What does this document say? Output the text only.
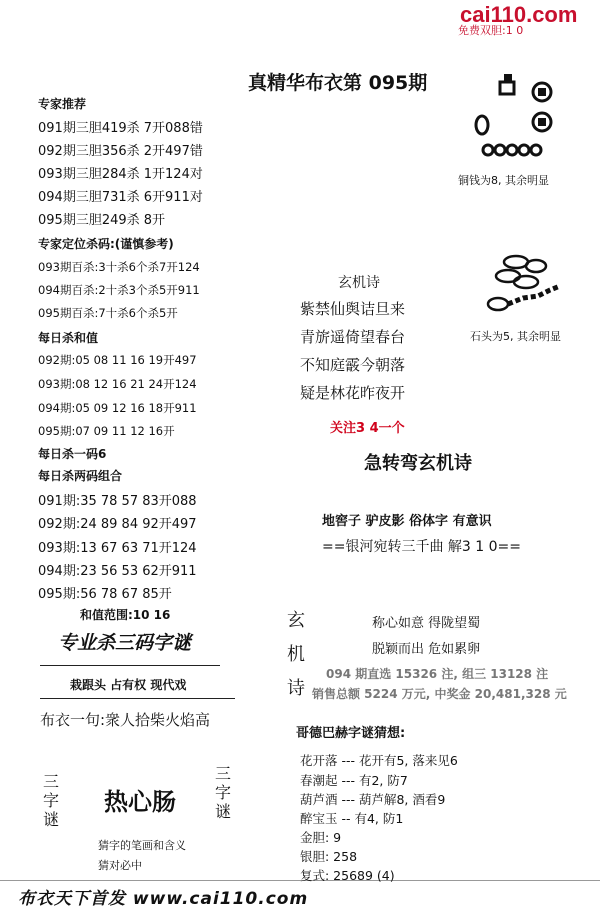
cai110.com
免费双胆:1 0
真精华布衣第 095期
专家推荐
091期三胆419杀 7开088错
092期三胆356杀 2开497错
093期三胆284杀 1开124对
094期三胆731杀 6开911对
095期三胆249杀 8开
专家定位杀码:(谨慎参考)
093期百杀:3十杀6个杀7开124
094期百杀:2十杀3个杀5开911
095期百杀:7十杀6个杀5开
每日杀和值
092期:05 08 11 16 19开497
093期:08 12 16 21 24开124
094期:05 09 12 16 18开911
095期:07 09 11 12 16开
每日杀一码6
每日杀两码组合
091期:35 78 57 83开088
092期:24 89 84 92开497
093期:13 67 63 71开124
094期:23 56 53 62开911
095期:56 78 67 85开
和值范围:10 16
专业杀三码字谜
栽跟头 占有权 现代戏
布衣一句:衆人拾柴火焰高
三字谜
热心肠
三字谜
猜字的笔画和含义
猜对必中
布衣天下首发 www.cai110.com
铜钱为8, 其余明显
石头为5, 其余明显
玄机诗
紫禁仙舆诘旦来
青旂遥倚望春台
不知庭霰今朝落
疑是林花昨夜开
关注3 4一个
急转弯玄机诗
地窖子 驴皮影 俗体字 有意识
==银河宛转三千曲 解3 1 0==
玄机诗
称心如意 得陇望蜀
脱颖而出 危如累卵
094 期直选 15326 注, 组三 13128 注
销售总额 5224 万元, 中奖金 20,481,328 元
哥德巴赫字谜猜想:
花开落 --- 花开有5, 落来见6
春潮起 --- 有2, 防7
葫芦酒 --- 葫芦解8, 酒看9
醉宝玉 -- 有4, 防1
金胆: 9
银胆: 258
复式: 25689 (4)
